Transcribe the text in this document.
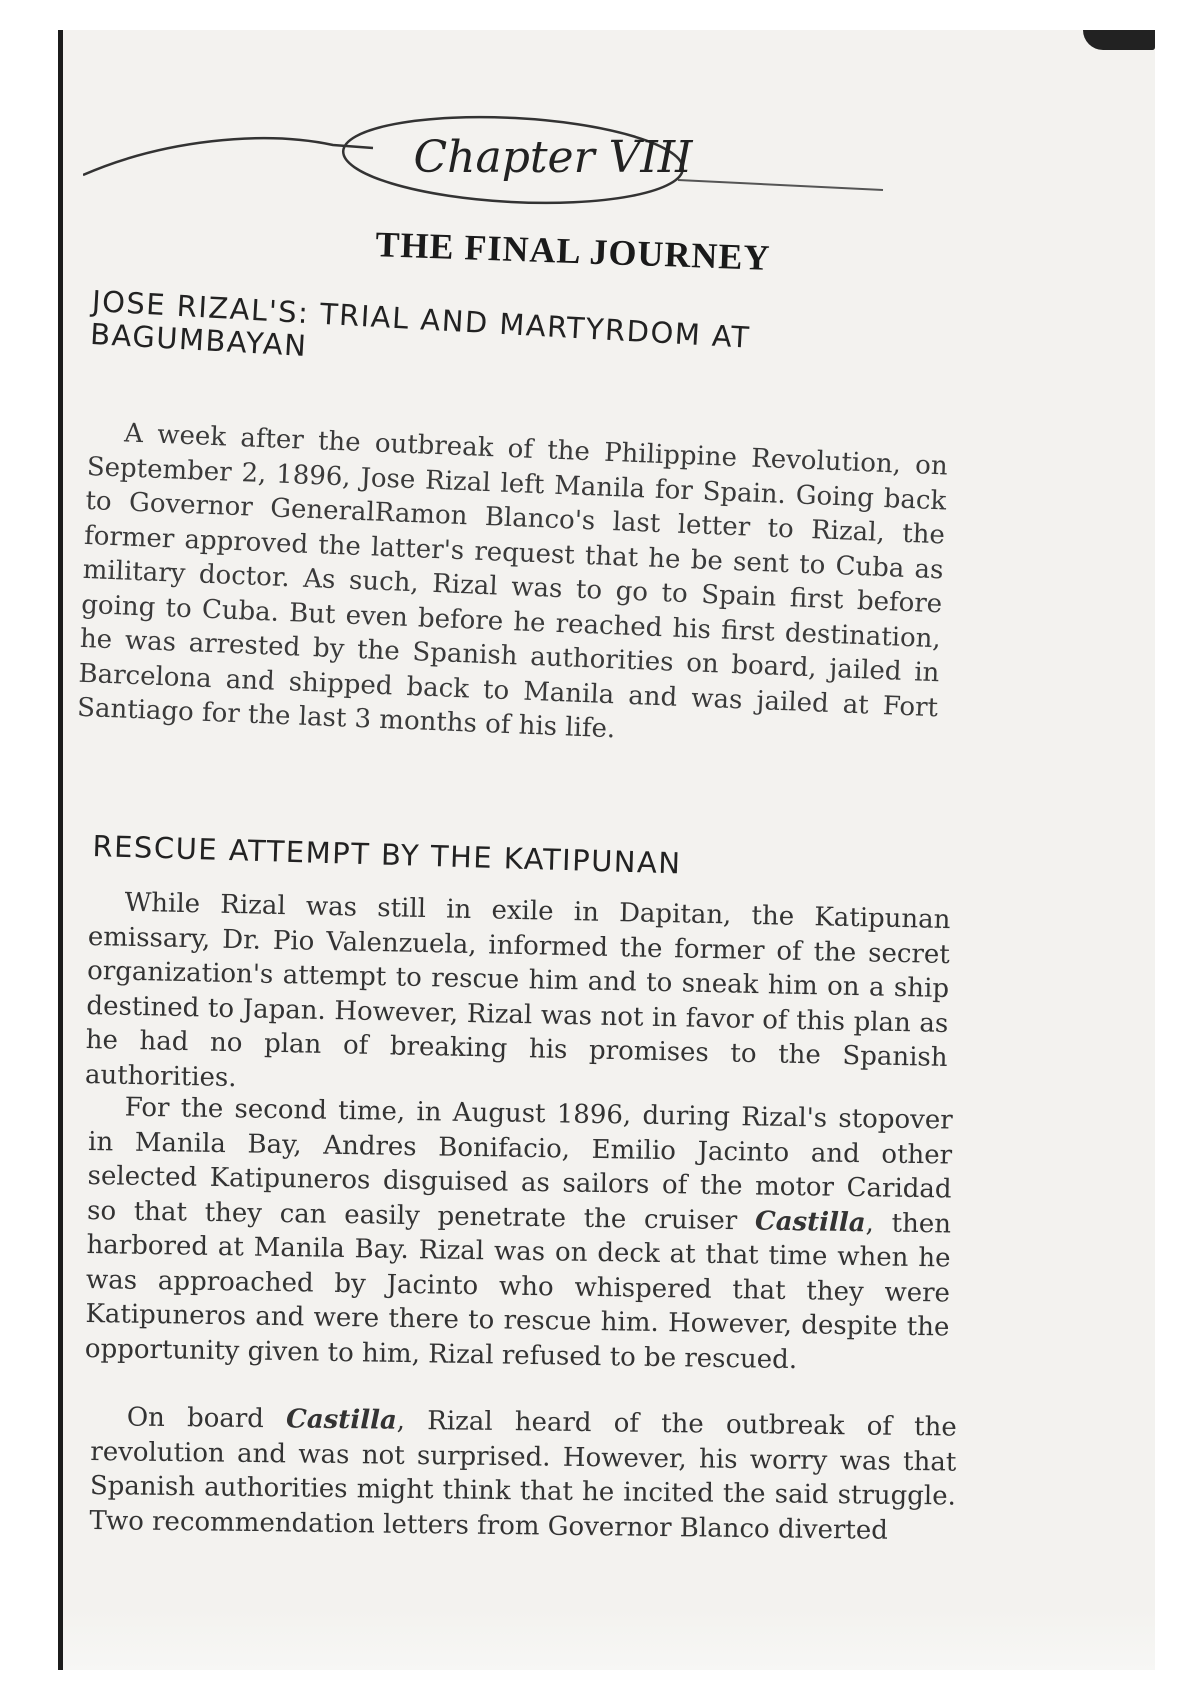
Chapter VIII
THE FINAL JOURNEY
JOSE RIZAL'S: TRIAL AND MARTYRDOM AT BAGUMBAYAN

A week after the outbreak of the Philippine Revolution, on September 2, 1896, Jose Rizal left Manila for Spain. Going back to Governor GeneralRamon Blanco's last letter to Rizal, the former approved the latter's request that he be sent to Cuba as military doctor. As such, Rizal was to go to Spain first before going to Cuba. But even before he reached his first destination, he was arrested by the Spanish authorities on board, jailed in Barcelona and shipped back to Manila and was jailed at Fort Santiago for the last 3 months of his life.

RESCUE ATTEMPT BY THE KATIPUNAN

While Rizal was still in exile in Dapitan, the Katipunan emissary, Dr. Pio Valenzuela, informed the former of the secret organization's attempt to rescue him and to sneak him on a ship destined to Japan. However, Rizal was not in favor of this plan as he had no plan of breaking his promises to the Spanish authorities.

For the second time, in August 1896, during Rizal's stopover in Manila Bay, Andres Bonifacio, Emilio Jacinto and other selected Katipuneros disguised as sailors of the motor Caridad so that they can easily penetrate the cruiser Castilla, then harbored at Manila Bay. Rizal was on deck at that time when he was approached by Jacinto who whispered that they were Katipuneros and were there to rescue him. However, despite the opportunity given to him, Rizal refused to be rescued.

On board Castilla, Rizal heard of the outbreak of the revolution and was not surprised. However, his worry was that Spanish authorities might think that he incited the said struggle. Two recommendation letters from Governor Blanco diverted
